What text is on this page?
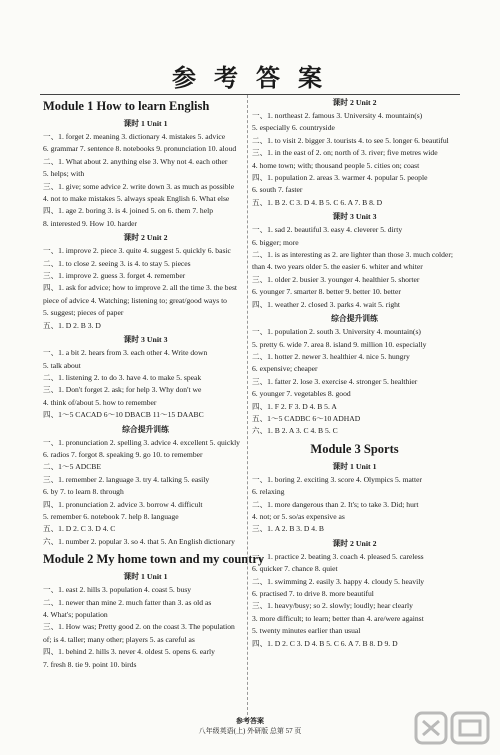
参 考 答 案
Module 1 How to learn English
课时 1 Unit 1
一、1. forget 2. meaning 3. dictionary 4. mistakes 5. advice
6. grammar 7. sentence 8. notebooks 9. pronunciation 10. aloud
二、1. What about 2. anything else 3. Why not 4. each other
5. helps; with
三、1. give; some advice 2. write down 3. as much as possible
4. not to make mistakes 5. always speak English 6. What else
四、1. age 2. boring 3. is 4. joined 5. on 6. them 7. help
8. interested 9. How 10. harder
课时 2 Unit 2
一、1. improve 2. piece 3. quite 4. suggest 5. quickly 6. basic
二、1. to close 2. seeing 3. is 4. to stay 5. pieces
三、1. improve 2. guess 3. forget 4. remember
四、1. ask for advice; how to improve 2. all the time 3. the best
piece of advice 4. Watching; listening to; great/good ways to
5. suggest; pieces of paper
五、1. D 2. B 3. D
课时 3 Unit 3
一、1. a bit 2. hears from 3. each other 4. Write down
5. talk about
二、1. listening 2. to do 3. have 4. to make 5. speak
三、1. Don't forget 2. ask; for help 3. Why don't we
4. think of/about 5. how to remember
四、1～5 CACAD 6～10 DBACB 11～15 DAABC
综合提升训练
一、1. pronunciation 2. spelling 3. advice 4. excellent 5. quickly
6. radios 7. forgot 8. speaking 9. go 10. to remember
二、1～5 ADCBE
三、1. remember 2. language 3. try 4. talking 5. easily
6. by 7. to learn 8. through
四、1. pronunciation 2. advice 3. borrow 4. difficult
5. remember 6. notebook 7. help 8. language
五、1. D 2. C 3. D 4. C
六、1. number 2. popular 3. so 4. that 5. An English dictionary
Module 2 My home town and my country
课时 1 Unit 1
一、1. east 2. hills 3. population 4. coast 5. busy
二、1. newer than mine 2. much fatter than 3. as old as
4. What's; population
三、1. How was; Pretty good 2. on the coast 3. The population
of; is 4. taller; many other; players 5. as careful as
四、1. behind 2. hills 3. never 4. oldest 5. opens 6. early
7. fresh 8. tie 9. point 10. birds
课时 2 Unit 2
一、1. northeast 2. famous 3. University 4. mountain(s)
5. especially 6. countryside
二、1. to visit 2. bigger 3. tourists 4. to see 5. longer 6. beautiful
三、1. in the east of 2. on; north of 3. river; five metres wide
4. home town; with; thousand people 5. cities on; coast
四、1. population 2. areas 3. warmer 4. popular 5. people
6. south 7. faster
五、1. B 2. C 3. D 4. B 5. C 6. A 7. B 8. D
课时 3 Unit 3
一、1. sad 2. beautiful 3. easy 4. cleverer 5. dirty
6. bigger; more
二、1. is as interesting as 2. are lighter than those 3. much colder;
than 4. two years older 5. the easier 6. whiter and whiter
三、1. older 2. busier 3. younger 4. healthier 5. shorter
6. younger 7. smarter 8. better 9. better 10. better
四、1. weather 2. closed 3. parks 4. wait 5. right
综合提升训练
一、1. population 2. south 3. University 4. mountain(s)
5. pretty 6. wide 7. area 8. island 9. million 10. especially
二、1. hotter 2. newer 3. healthier 4. nice 5. hungry
6. expensive; cheaper
三、1. fatter 2. lose 3. exercise 4. stronger 5. healthier
6. younger 7. vegetables 8. good
四、1. F 2. F 3. D 4. B 5. A
五、1～5 CADBC 6～10 ADHAD
六、1. B 2. A 3. C 4. B 5. C
Module 3 Sports
课时 1 Unit 1
一、1. boring 2. exciting 3. score 4. Olympics 5. matter
6. relaxing
二、1. more dangerous than 2. It's; to take 3. Did; hurt
4. not; or 5. so/as expensive as
三、1. A 2. B 3. D 4. B
课时 2 Unit 2
一、1. practice 2. beating 3. coach 4. pleased 5. careless
6. quicker 7. chance 8. quiet
二、1. swimming 2. easily 3. happy 4. cloudy 5. heavily
6. practised 7. to drive 8. more beautiful
三、1. heavy/busy; so 2. slowly; loudly; hear clearly
3. more difficult; to learn; better than 4. are/were against
5. twenty minutes earlier than usual
四、1. D 2. C 3. D 4. B 5. C 6. A 7. B 8. D 9. D
参考答案
八年级英语(上) 外研版 总第 57 页
